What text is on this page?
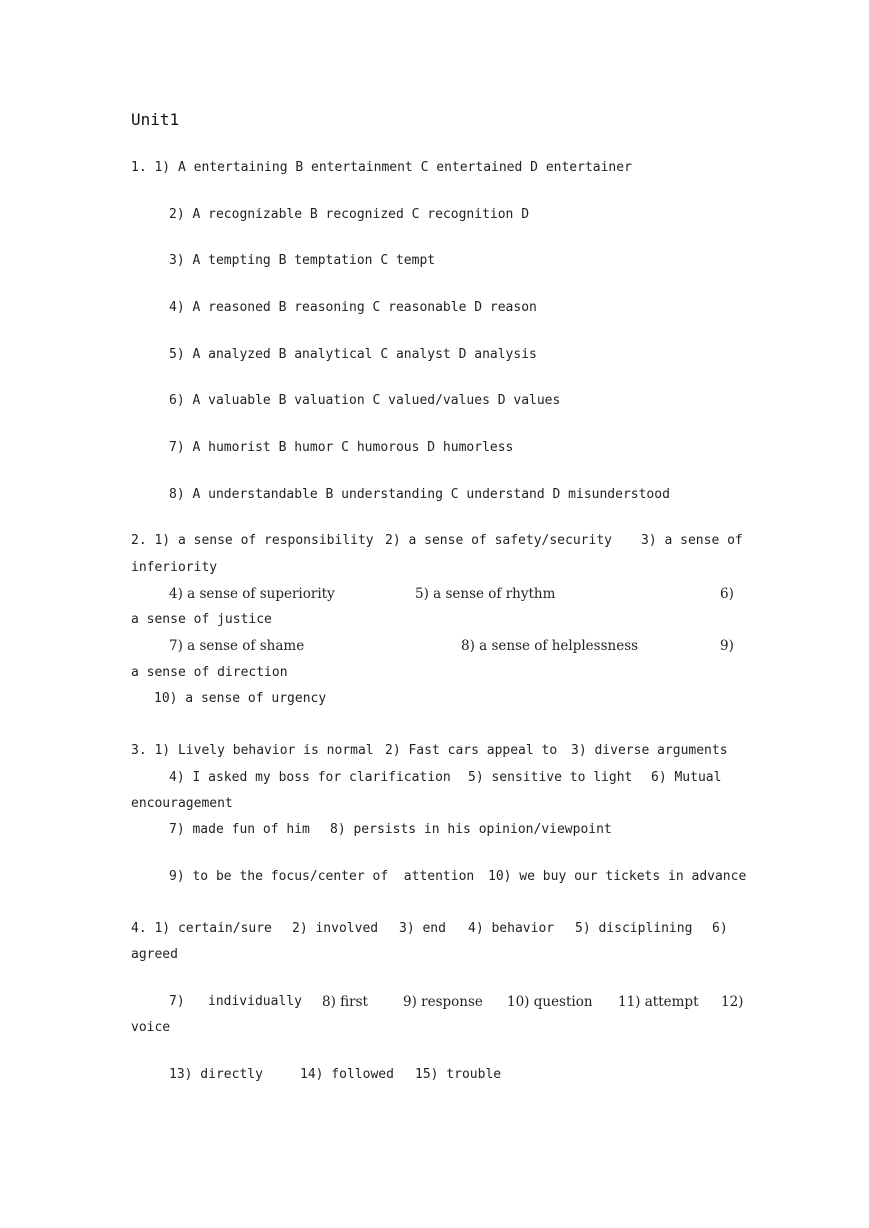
Unit1
1. 1) A entertaining B entertainment C entertained D entertainer
2) A recognizable B recognized C recognition D
3) A tempting B temptation C tempt
4) A reasoned B reasoning C reasonable D reason
5) A analyzed B analytical C analyst D analysis
6) A valuable B valuation C valued/values D values
7) A humorist B humor C humorous D humorless
8) A understandable B understanding C understand D misunderstood
2. 1) a sense of responsibility 2) a sense of safety/security 3) a sense of
inferiority
4) a sense of superiority	5) a sense of rhythm	6)
a sense of justice
7) a sense of shame	8) a sense of helplessness	9)
a sense of direction
10) a sense of urgency
3. 1) Lively behavior is normal 2) Fast cars appeal to 3) diverse arguments
4) I asked my boss for clarification 5) sensitive to light 6) Mutual
encouragement
7) made fun of him 8) persists in his opinion/viewpoint
9) to be the focus/center of  attention 10) we buy our tickets in advance
4. 1) certain/sure 2) involved 3) end 4) behavior 5) disciplining 6)
agreed
7) individually 8) first	9) response 10) question 11) attempt 12)
voice
13) directly	14) followed 15) trouble
